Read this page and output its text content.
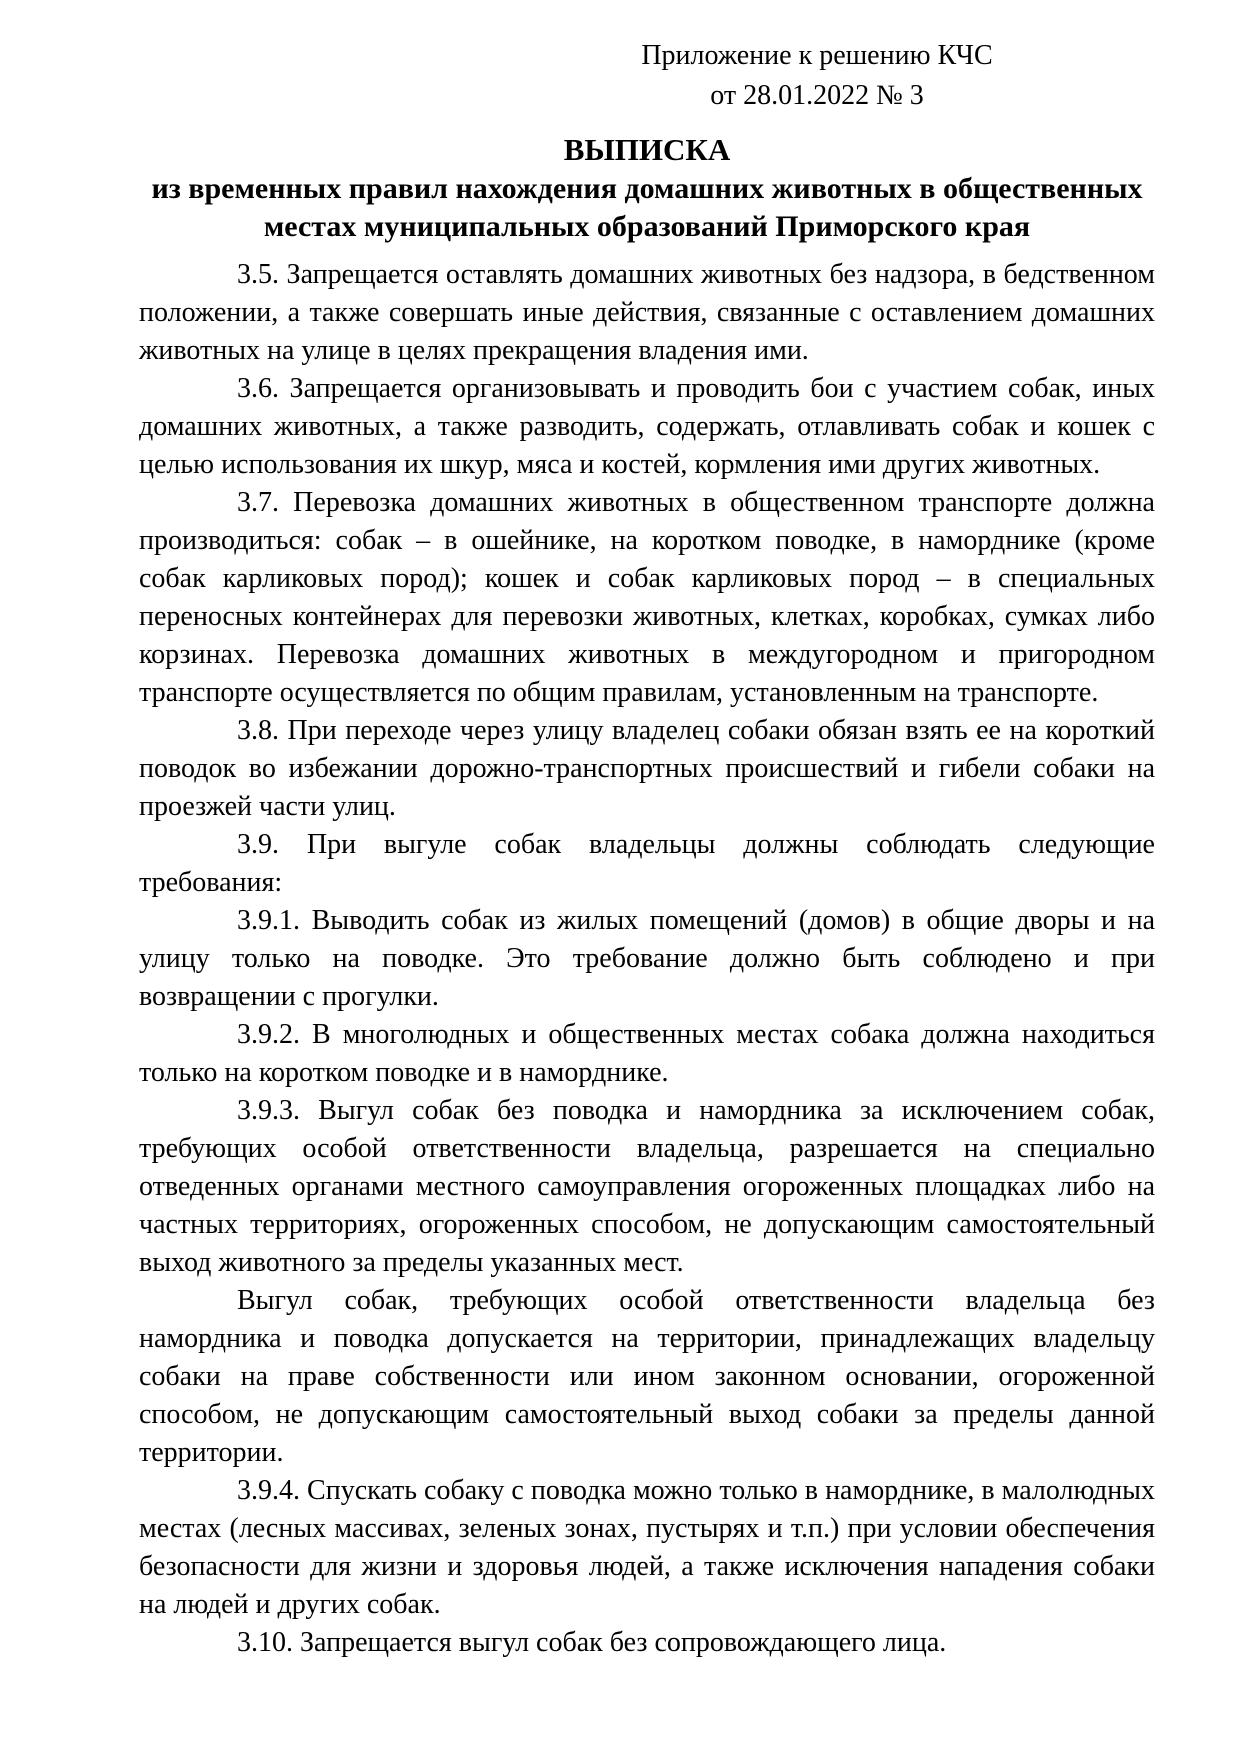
Приложение к решению КЧС
от 28.01.2022 № 3
ВЫПИСКА
из временных правил нахождения домашних животных в общественных
местах муниципальных образований Приморского края

3.5. Запрещается оставлять домашних животных без надзора, в бедственном положении, а также совершать иные действия, связанные с оставлением домашних животных на улице в целях прекращения владения ими.

3.6. Запрещается организовывать и проводить бои с участием собак, иных домашних животных, а также разводить, содержать, отлавливать собак и кошек с целью использования их шкур, мяса и костей, кормления ими других животных.

3.7. Перевозка домашних животных в общественном транспорте должна производиться: собак – в ошейнике, на коротком поводке, в наморднике (кроме собак карликовых пород); кошек и собак карликовых пород – в специальных переносных контейнерах для перевозки животных, клетках, коробках, сумках либо корзинах. Перевозка домашних животных в междугородном и пригородном транспорте осуществляется по общим правилам, установленным на транспорте.

3.8. При переходе через улицу владелец собаки обязан взять ее на короткий поводок во избежании дорожно-транспортных происшествий и гибели собаки на проезжей части улиц.

3.9. При выгуле собак владельцы должны соблюдать следующие требования:

3.9.1. Выводить собак из жилых помещений (домов) в общие дворы и на улицу только на поводке. Это требование должно быть соблюдено и при возвращении с прогулки.

3.9.2. В многолюдных и общественных местах собака должна находиться только на коротком поводке и в наморднике.

3.9.3. Выгул собак без поводка и намордника за исключением собак, требующих особой ответственности владельца, разрешается на специально отведенных органами местного самоуправления огороженных площадках либо на частных территориях, огороженных способом, не допускающим самостоятельный выход животного за пределы указанных мест.

Выгул собак, требующих особой ответственности владельца без намордника и поводка допускается на территории, принадлежащих владельцу собаки на праве собственности или ином законном основании, огороженной способом, не допускающим самостоятельный выход собаки за пределы данной территории.

3.9.4. Спускать собаку с поводка можно только в наморднике, в малолюдных местах (лесных массивах, зеленых зонах, пустырях и т.п.) при условии обеспечения безопасности для жизни и здоровья людей, а также исключения нападения собаки на людей и других собак.

3.10. Запрещается выгул собак без сопровождающего лица.
